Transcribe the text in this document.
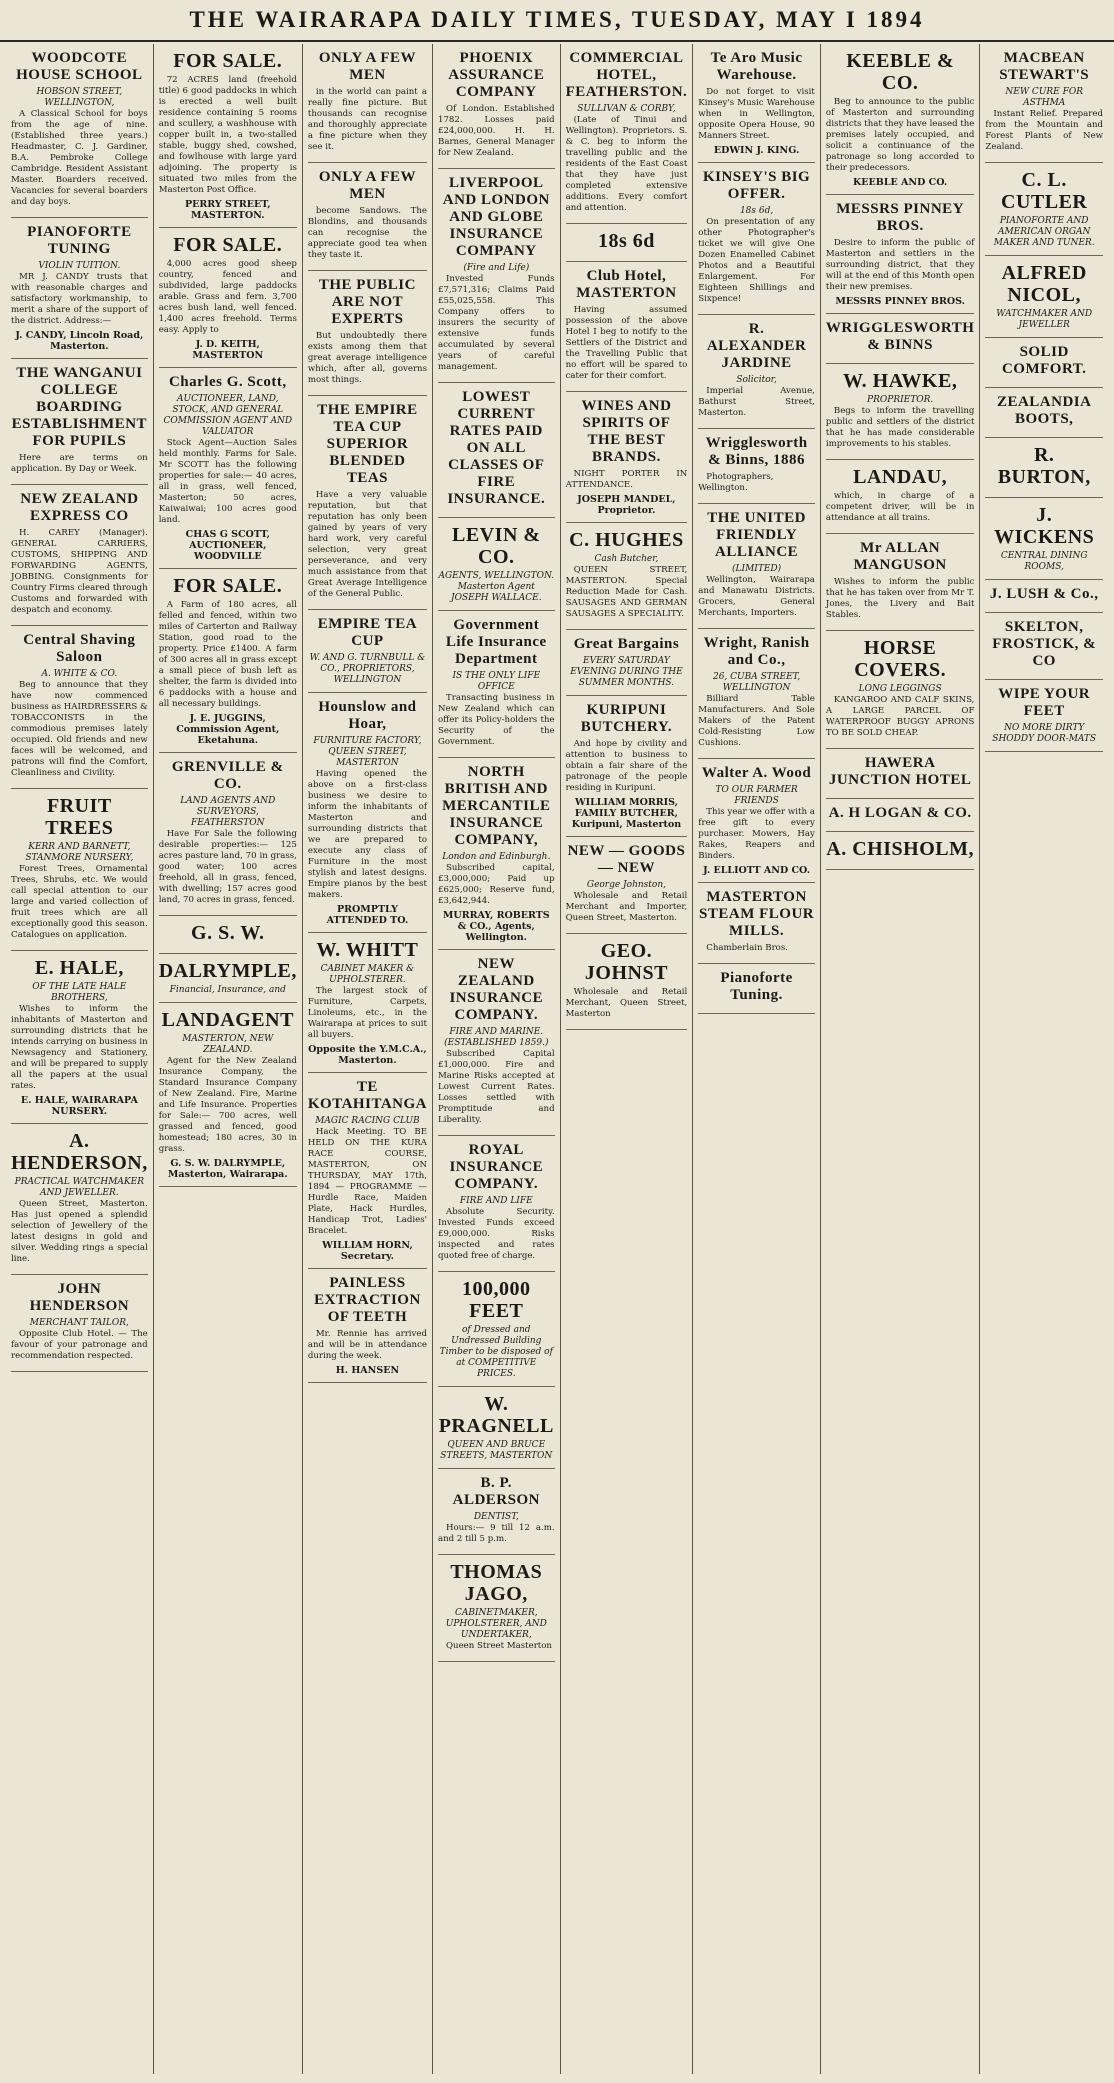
THE WAIRARAPA DAILY TIMES, TUESDAY, MAY I 1894
WOODCOTE HOUSE SCHOOL
HOBSON STREET, WELLINGTON,

A Classical School for boys from the age of nine. (Established three years.) Headmaster, C. J. Gardiner, B.A. Pembroke College Cambridge. Resident Assistant Master. Boarders received. Vacancies for several boarders and day boys.

PIANOFORTE TUNING
VIOLIN TUITION.

MR J. CANDY trusts that with reasonable charges and satisfactory workmanship, to merit a share of the support of the district. Address:—

J. CANDY, Lincoln Road, Masterton.
THE WANGANUI COLLEGE BOARDING ESTABLISHMENT FOR PUPILS

Here are terms on application. By Day or Week.

NEW ZEALAND EXPRESS CO

H. CAREY (Manager). GENERAL CARRIERS, CUSTOMS, SHIPPING AND FORWARDING AGENTS, JOBBING. Consignments for Country Firms cleared through Customs and forwarded with despatch and economy.

Central Shaving Saloon
A. WHITE & CO.

Beg to announce that they have now commenced business as HAIRDRESSERS & TOBACCONISTS in the commodious premises lately occupied. Old friends and new faces will be welcomed, and patrons will find the Comfort, Cleanliness and Civility.

FRUIT TREES
KERR AND BARNETT, STANMORE NURSERY,

Forest Trees, Ornamental Trees, Shrubs, etc. We would call special attention to our large and varied collection of fruit trees which are all exceptionally good this season. Catalogues on application.

E. HALE,
OF THE LATE HALE BROTHERS,

Wishes to inform the inhabitants of Masterton and surrounding districts that he intends carrying on business in Newsagency and Stationery, and will be prepared to supply all the papers at the usual rates.

E. HALE, WAIRARAPA NURSERY.
A. HENDERSON,
PRACTICAL WATCHMAKER AND JEWELLER.

Queen Street, Masterton. Has just opened a splendid selection of Jewellery of the latest designs in gold and silver. Wedding rings a special line.

JOHN HENDERSON
MERCHANT TAILOR,

Opposite Club Hotel. — The favour of your patronage and recommendation respected.

FOR SALE.

72 ACRES land (freehold title) 6 good paddocks in which is erected a well built residence containing 5 rooms and scullery, a washhouse with copper built in, a two-stalled stable, buggy shed, cowshed, and fowlhouse with large yard adjoining. The property is situated two miles from the Masterton Post Office.

PERRY STREET, MASTERTON.
FOR SALE.

4,000 acres good sheep country, fenced and subdivided, large paddocks arable. Grass and fern. 3,700 acres bush land, well fenced. 1,400 acres freehold. Terms easy. Apply to

J. D. KEITH, MASTERTON
Charles G. Scott,
AUCTIONEER, LAND, STOCK, AND GENERAL COMMISSION AGENT AND VALUATOR

Stock Agent—Auction Sales held monthly. Farms for Sale. Mr SCOTT has the following properties for sale:— 40 acres, all in grass, well fenced, Masterton; 50 acres, Kaiwaiwai; 100 acres good land.

CHAS G SCOTT, AUCTIONEER, WOODVILLE
FOR SALE.

A Farm of 180 acres, all felled and fenced, within two miles of Carterton and Railway Station, good road to the property. Price £1400. A farm of 300 acres all in grass except a small piece of bush left as shelter, the farm is divided into 6 paddocks with a house and all necessary buildings.

J. E. JUGGINS, Commission Agent, Eketahuna.
GRENVILLE & CO.
LAND AGENTS AND SURVEYORS, FEATHERSTON

Have For Sale the following desirable properties:— 125 acres pasture land, 70 in grass, good water; 100 acres freehold, all in grass, fenced, with dwelling; 157 acres good land, 70 acres in grass, fenced.

G. S. W.
DALRYMPLE,
Financial, Insurance, and
LANDAGENT
MASTERTON, NEW ZEALAND.

Agent for the New Zealand Insurance Company, the Standard Insurance Company of New Zealand. Fire, Marine and Life Insurance. Properties for Sale:— 700 acres, well grassed and fenced, good homestead; 180 acres, 30 in grass.

G. S. W. DALRYMPLE, Masterton, Wairarapa.
ONLY A FEW MEN

in the world can paint a really fine picture. But thousands can recognise and thoroughly appreciate a fine picture when they see it.

ONLY A FEW MEN

become Sandows. The Blondins, and thousands can recognise the appreciate good tea when they taste it.

THE PUBLIC ARE NOT EXPERTS

But undoubtedly there exists among them that great average intelligence which, after all, governs most things.

THE EMPIRE TEA CUP SUPERIOR BLENDED TEAS

Have a very valuable reputation, but that reputation has only been gained by years of very hard work, very careful selection, very great perseverance, and very much assistance from that Great Average Intelligence of the General Public.

EMPIRE TEA CUP
W. AND G. TURNBULL & CO., PROPRIETORS, WELLINGTON
Hounslow and Hoar,
FURNITURE FACTORY, QUEEN STREET, MASTERTON

Having opened the above on a first-class business we desire to inform the inhabitants of Masterton and surrounding districts that we are prepared to execute any class of Furniture in the most stylish and latest designs. Empire pianos by the best makers.

PROMPTLY ATTENDED TO.
W. WHITT
CABINET MAKER & UPHOLSTERER.

The largest stock of Furniture, Carpets, Linoleums, etc., in the Wairarapa at prices to suit all buyers.

Opposite the Y.M.C.A., Masterton.
TE KOTAHITANGA
MAGIC RACING CLUB

Hack Meeting. TO BE HELD ON THE KURA RACE COURSE, MASTERTON, ON THURSDAY, MAY 17th, 1894 — PROGRAMME — Hurdle Race, Maiden Plate, Hack Hurdles, Handicap Trot, Ladies' Bracelet.

WILLIAM HORN, Secretary.
PAINLESS EXTRACTION OF TEETH

Mr. Rennie has arrived and will be in attendance during the week.

H. HANSEN
PHOENIX ASSURANCE COMPANY

Of London. Established 1782. Losses paid £24,000,000. H. H. Barnes, General Manager for New Zealand.

LIVERPOOL AND LONDON AND GLOBE INSURANCE COMPANY
(Fire and Life)

Invested Funds £7,571,316; Claims Paid £55,025,558. This Company offers to insurers the security of extensive funds accumulated by several years of careful management.

LOWEST CURRENT RATES PAID ON ALL CLASSES OF FIRE INSURANCE.
LEVIN & CO.
AGENTS, WELLINGTON. Masterton Agent JOSEPH WALLACE.
Government Life Insurance Department
IS THE ONLY LIFE OFFICE

Transacting business in New Zealand which can offer its Policy-holders the Security of the Government.

NORTH BRITISH AND MERCANTILE INSURANCE COMPANY,
London and Edinburgh.

Subscribed capital, £3,000,000; Paid up £625,000; Reserve fund, £3,642,944.

MURRAY, ROBERTS & CO., Agents, Wellington.
NEW ZEALAND INSURANCE COMPANY.
FIRE AND MARINE. (ESTABLISHED 1859.)

Subscribed Capital £1,000,000. Fire and Marine Risks accepted at Lowest Current Rates. Losses settled with Promptitude and Liberality.

ROYAL INSURANCE COMPANY.
FIRE AND LIFE

Absolute Security. Invested Funds exceed £9,000,000. Risks inspected and rates quoted free of charge.

100,000 FEET
of Dressed and Undressed Building Timber to be disposed of at COMPETITIVE PRICES.
W. PRAGNELL
QUEEN AND BRUCE STREETS, MASTERTON
B. P. ALDERSON
DENTIST,

Hours:— 9 till 12 a.m. and 2 till 5 p.m.

THOMAS JAGO,
CABINETMAKER, UPHOLSTERER, AND UNDERTAKER,

Queen Street Masterton

COMMERCIAL HOTEL, FEATHERSTON.
SULLIVAN & CORBY,

(Late of Tinui and Wellington). Proprietors. S. & C. beg to inform the travelling public and the residents of the East Coast that they have just completed extensive additions. Every comfort and attention.

18s 6d
Club Hotel, MASTERTON

Having assumed possession of the above Hotel I beg to notify to the Settlers of the District and the Travelling Public that no effort will be spared to cater for their comfort.

WINES AND SPIRITS OF THE BEST BRANDS.

NIGHT PORTER IN ATTENDANCE.

JOSEPH MANDEL, Proprietor.
C. HUGHES
Cash Butcher,

QUEEN STREET, MASTERTON. Special Reduction Made for Cash. SAUSAGES AND GERMAN SAUSAGES A SPECIALITY.

Great Bargains
EVERY SATURDAY EVENING DURING THE SUMMER MONTHS.
KURIPUNI BUTCHERY.

And hope by civility and attention to business to obtain a fair share of the patronage of the people residing in Kuripuni.

WILLIAM MORRIS, FAMILY BUTCHER, Kuripuni, Masterton
NEW — GOODS — NEW
George Johnston,

Wholesale and Retail Merchant and Importer, Queen Street, Masterton.

GEO. JOHNST

Wholesale and Retail Merchant, Queen Street, Masterton

Te Aro Music Warehouse.

Do not forget to visit Kinsey's Music Warehouse when in Wellington, opposite Opera House, 90 Manners Street.

EDWIN J. KING.
KINSEY'S BIG OFFER.
18s 6d,

On presentation of any other Photographer's ticket we will give One Dozen Enamelled Cabinet Photos and a Beautiful Enlargement. For Eighteen Shillings and Sixpence!

R. ALEXANDER JARDINE
Solicitor,

Imperial Avenue, Bathurst Street, Masterton.

Wrigglesworth & Binns, 1886

Photographers, Wellington.

THE UNITED FRIENDLY ALLIANCE
(LIMITED)

Wellington, Wairarapa and Manawatu Districts. Grocers, General Merchants, Importers.

Wright, Ranish and Co.,
26, CUBA STREET, WELLINGTON

Billiard Table Manufacturers. And Sole Makers of the Patent Cold-Resisting Low Cushions.

Walter A. Wood
TO OUR FARMER FRIENDS

This year we offer with a free gift to every purchaser. Mowers, Hay Rakes, Reapers and Binders.

J. ELLIOTT AND CO.
MASTERTON STEAM FLOUR MILLS.

Chamberlain Bros.

Pianoforte Tuning.
KEEBLE & CO.

Beg to announce to the public of Masterton and surrounding districts that they have leased the premises lately occupied, and solicit a continuance of the patronage so long accorded to their predecessors.

KEEBLE AND CO.
MESSRS PINNEY BROS.

Desire to inform the public of Masterton and settlers in the surrounding district, that they will at the end of this Month open their new premises.

MESSRS PINNEY BROS.
WRIGGLESWORTH & BINNS
W. HAWKE,
PROPRIETOR.

Begs to inform the travelling public and settlers of the district that he has made considerable improvements to his stables.

LANDAU,

which, in charge of a competent driver, will be in attendance at all trains.

Mr ALLAN MANGUSON

Wishes to inform the public that he has taken over from Mr T. Jones, the Livery and Bait Stables.

HORSE COVERS.
LONG LEGGINGS

KANGAROO AND CALF SKINS, A LARGE PARCEL OF WATERPROOF BUGGY APRONS TO BE SOLD CHEAP.

HAWERA JUNCTION HOTEL
A. H LOGAN & CO.
A. CHISHOLM,
MACBEAN STEWART'S
NEW CURE FOR ASTHMA

Instant Relief. Prepared from the Mountain and Forest Plants of New Zealand.

C. L. CUTLER
PIANOFORTE AND AMERICAN ORGAN MAKER AND TUNER.
ALFRED NICOL,
WATCHMAKER AND JEWELLER
SOLID COMFORT.
ZEALANDIA BOOTS,
R. BURTON,
J. WICKENS
CENTRAL DINING ROOMS,
J. LUSH & Co.,
SKELTON, FROSTICK, & CO
WIPE YOUR FEET
NO MORE DIRTY SHODDY DOOR-MATS
